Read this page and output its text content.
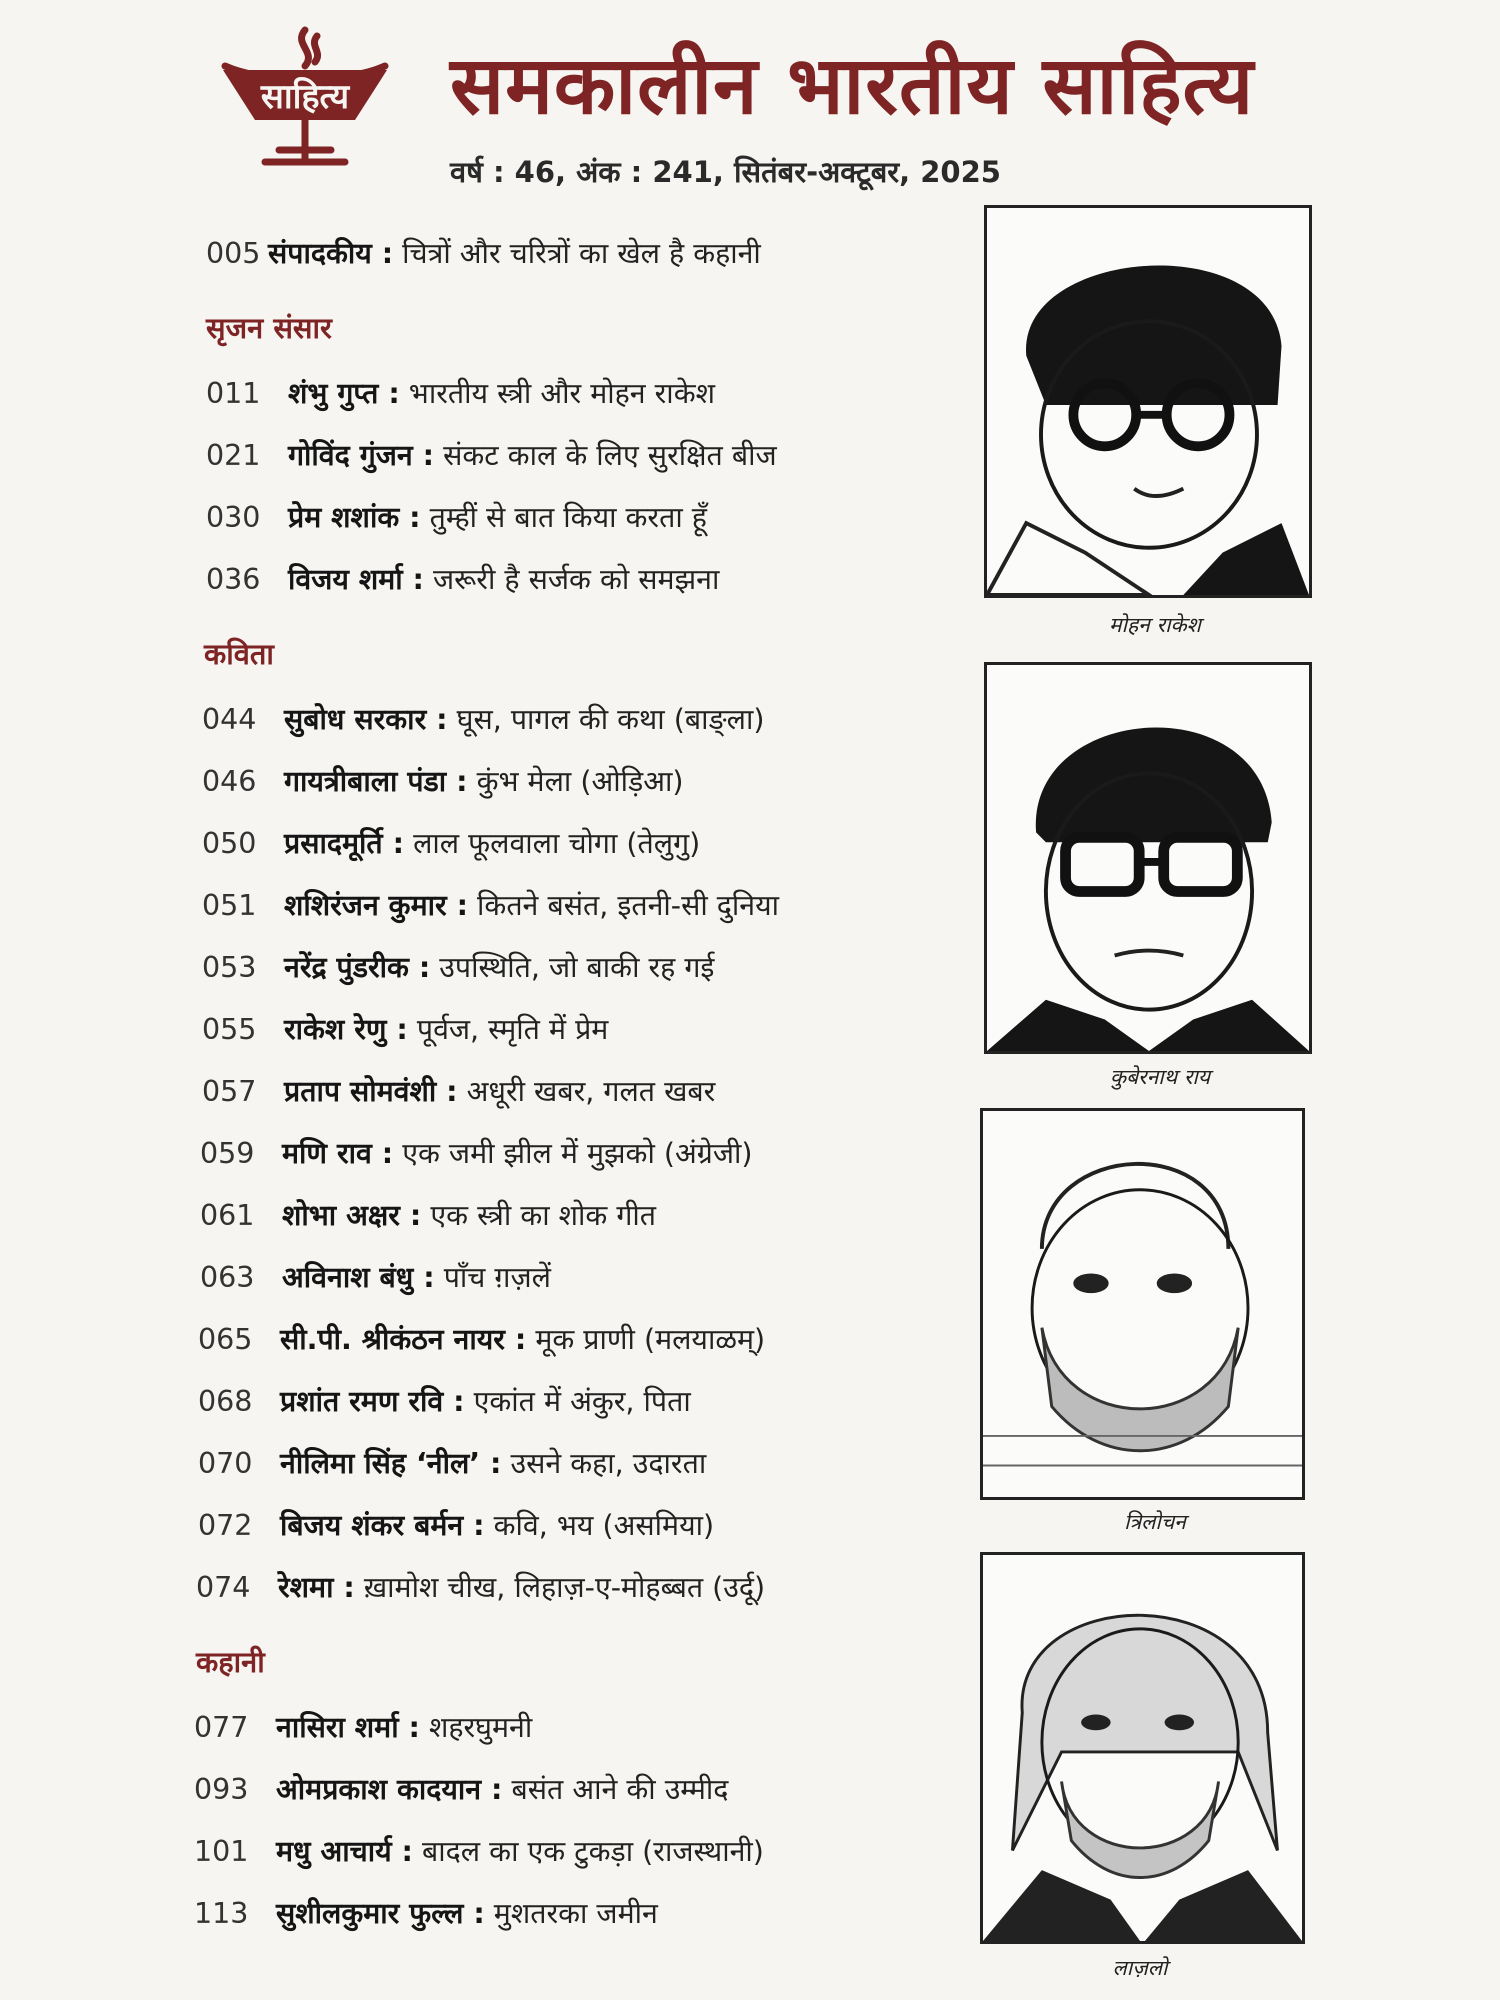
साहित्य समकालीन भारतीय साहित्य
वर्ष : 46, अंक : 241, सितंबर-अक्टूबर, 2025
005 संपादकीय : चित्रों और चरित्रों का खेल है कहानी
सृजन संसार
011 शंभु गुप्त : भारतीय स्त्री और मोहन राकेश
021 गोविंद गुंजन : संकट काल के लिए सुरक्षित बीज
030 प्रेम शशांक : तुम्हीं से बात किया करता हूँ
036 विजय शर्मा : जरूरी है सर्जक को समझना
कविता
044 सुबोध सरकार : घूस, पागल की कथा (बाङ्ला)
046 गायत्रीबाला पंडा : कुंभ मेला (ओड़िआ)
050 प्रसादमूर्ति : लाल फूलवाला चोगा (तेलुगु)
051 शशिरंजन कुमार : कितने बसंत, इतनी-सी दुनिया
053 नरेंद्र पुंडरीक : उपस्थिति, जो बाकी रह गई
055 राकेश रेणु : पूर्वज, स्मृति में प्रेम
057 प्रताप सोमवंशी : अधूरी खबर, गलत खबर
059 मणि राव : एक जमी झील में मुझको (अंग्रेजी)
061 शोभा अक्षर : एक स्त्री का शोक गीत
063 अविनाश बंधु : पाँच ग़ज़लें
065 सी.पी. श्रीकंठन नायर : मूक प्राणी (मलयाळम्)
068 प्रशांत रमण रवि : एकांत में अंकुर, पिता
070 नीलिमा सिंह ‘नील’ : उसने कहा, उदारता
072 बिजय शंकर बर्मन : कवि, भय (असमिया)
074 रेशमा : ख़ामोश चीख, लिहाज़-ए-मोहब्बत (उर्दू)
कहानी
077 नासिरा शर्मा : शहरघुमनी
093 ओमप्रकाश कादयान : बसंत आने की उम्मीद
101 मधु आचार्य : बादल का एक टुकड़ा (राजस्थानी)
113 सुशीलकुमार फुल्ल : मुशतरका जमीन
मोहन राकेश
कुबेरनाथ राय
त्रिलोचन
लाज़लो
